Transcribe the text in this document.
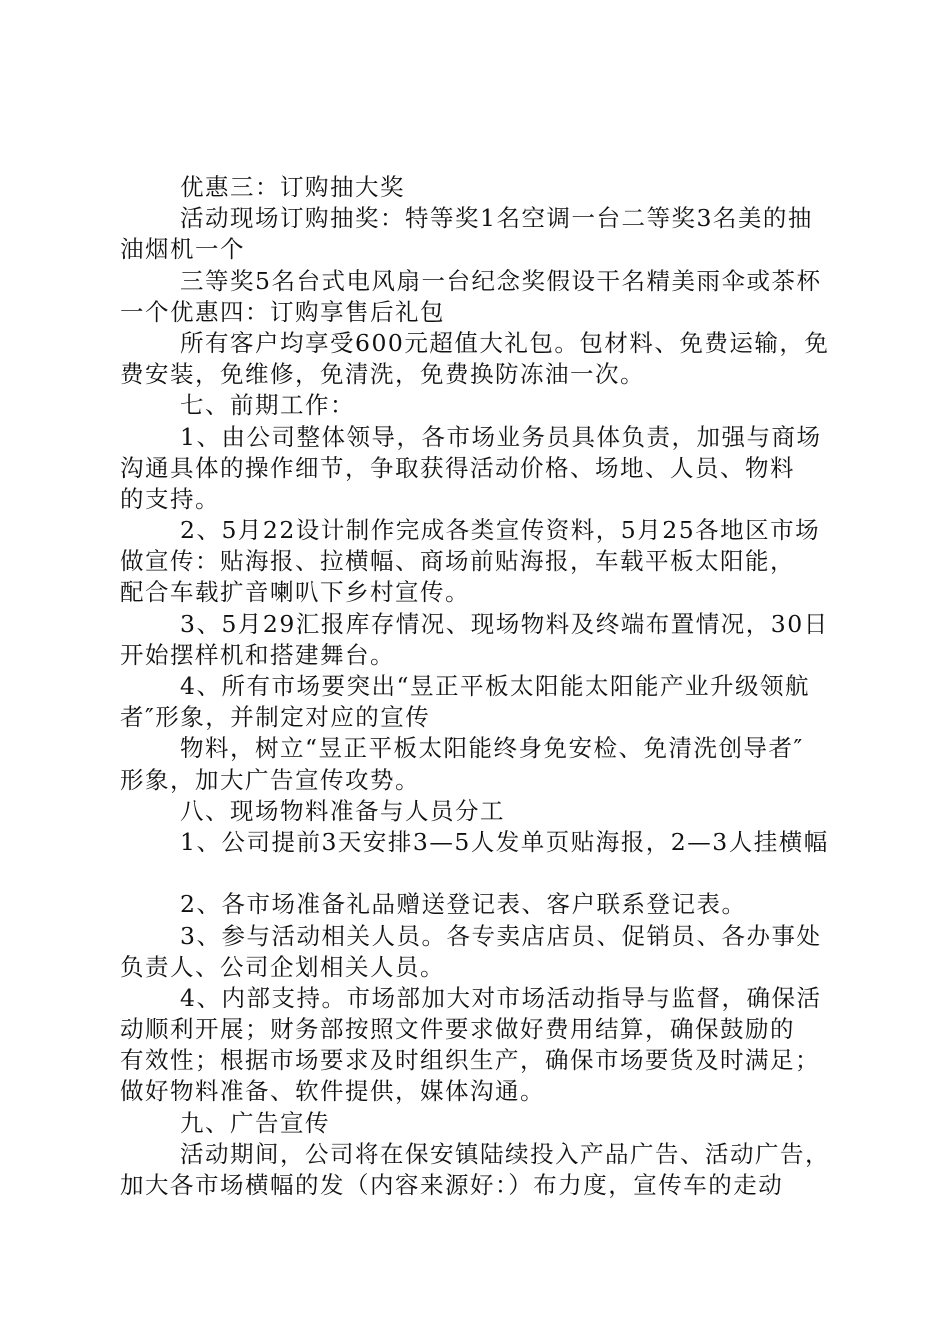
优惠三：订购抽大奖
活动现场订购抽奖：特等奖1名空调一台二等奖3名美的抽
油烟机一个
三等奖5名台式电风扇一台纪念奖假设干名精美雨伞或茶杯
一个优惠四：订购享售后礼包
所有客户均享受600元超值大礼包。包材料、免费运输，免
费安装，免维修，免清洗，免费换防冻油一次。
七、前期工作：
1、由公司整体领导，各市场业务员具体负责，加强与商场
沟通具体的操作细节，争取获得活动价格、场地、人员、物料
的支持。
2、5月22设计制作完成各类宣传资料，5月25各地区市场
做宣传：贴海报、拉横幅、商场前贴海报，车载平板太阳能，
配合车载扩音喇叭下乡村宣传。
3、5月29汇报库存情况、现场物料及终端布置情况，30日
开始摆样机和搭建舞台。
4、所有市场要突出“昱正平板太阳能太阳能产业升级领航
者″形象，并制定对应的宣传
物料，树立“昱正平板太阳能终身免安检、免清洗创导者″
形象，加大广告宣传攻势。
八、现场物料准备与人员分工
1、公司提前3天安排3—5人发单页贴海报，2—3人挂横幅
2、各市场准备礼品赠送登记表、客户联系登记表。
3、参与活动相关人员。各专卖店店员、促销员、各办事处
负责人、公司企划相关人员。
4、内部支持。市场部加大对市场活动指导与监督，确保活
动顺利开展；财务部按照文件要求做好费用结算，确保鼓励的
有效性；根据市场要求及时组织生产，确保市场要货及时满足；
做好物料准备、软件提供，媒体沟通。
九、广告宣传
活动期间，公司将在保安镇陆续投入产品广告、活动广告，
加大各市场横幅的发（内容来源好：）布力度，宣传车的走动
